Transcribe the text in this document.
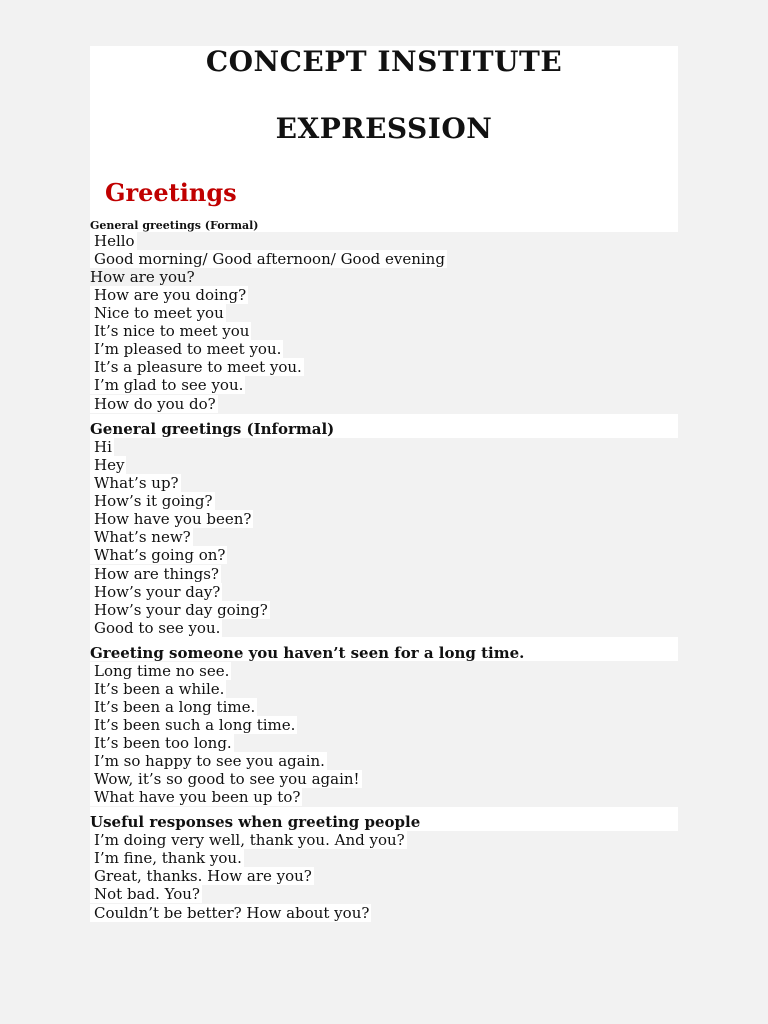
CONCEPT INSTITUTE
EXPRESSION
Greetings
General greetings (Formal)
Hello
Good morning/ Good afternoon/ Good evening
How are you?
How are you doing?
Nice to meet you
It’s nice to meet you
I’m pleased to meet you.
It’s a pleasure to meet you.
I’m glad to see you.
How do you do?
General greetings (Informal)
Hi
Hey
What’s up?
How’s it going?
How have you been?
What’s new?
What’s going on?
How are things?
How’s your day?
How’s your day going?
Good to see you.
Greeting someone you haven’t seen for a long time.
Long time no see.
It’s been a while.
It’s been a long time.
It’s been such a long time.
It’s been too long.
I’m so happy to see you again.
Wow, it’s so good to see you again!
What have you been up to?
Useful responses when greeting people
I’m doing very well, thank you. And you?
I’m fine, thank you.
Great, thanks. How are you?
Not bad. You?
Couldn’t be better? How about you?
